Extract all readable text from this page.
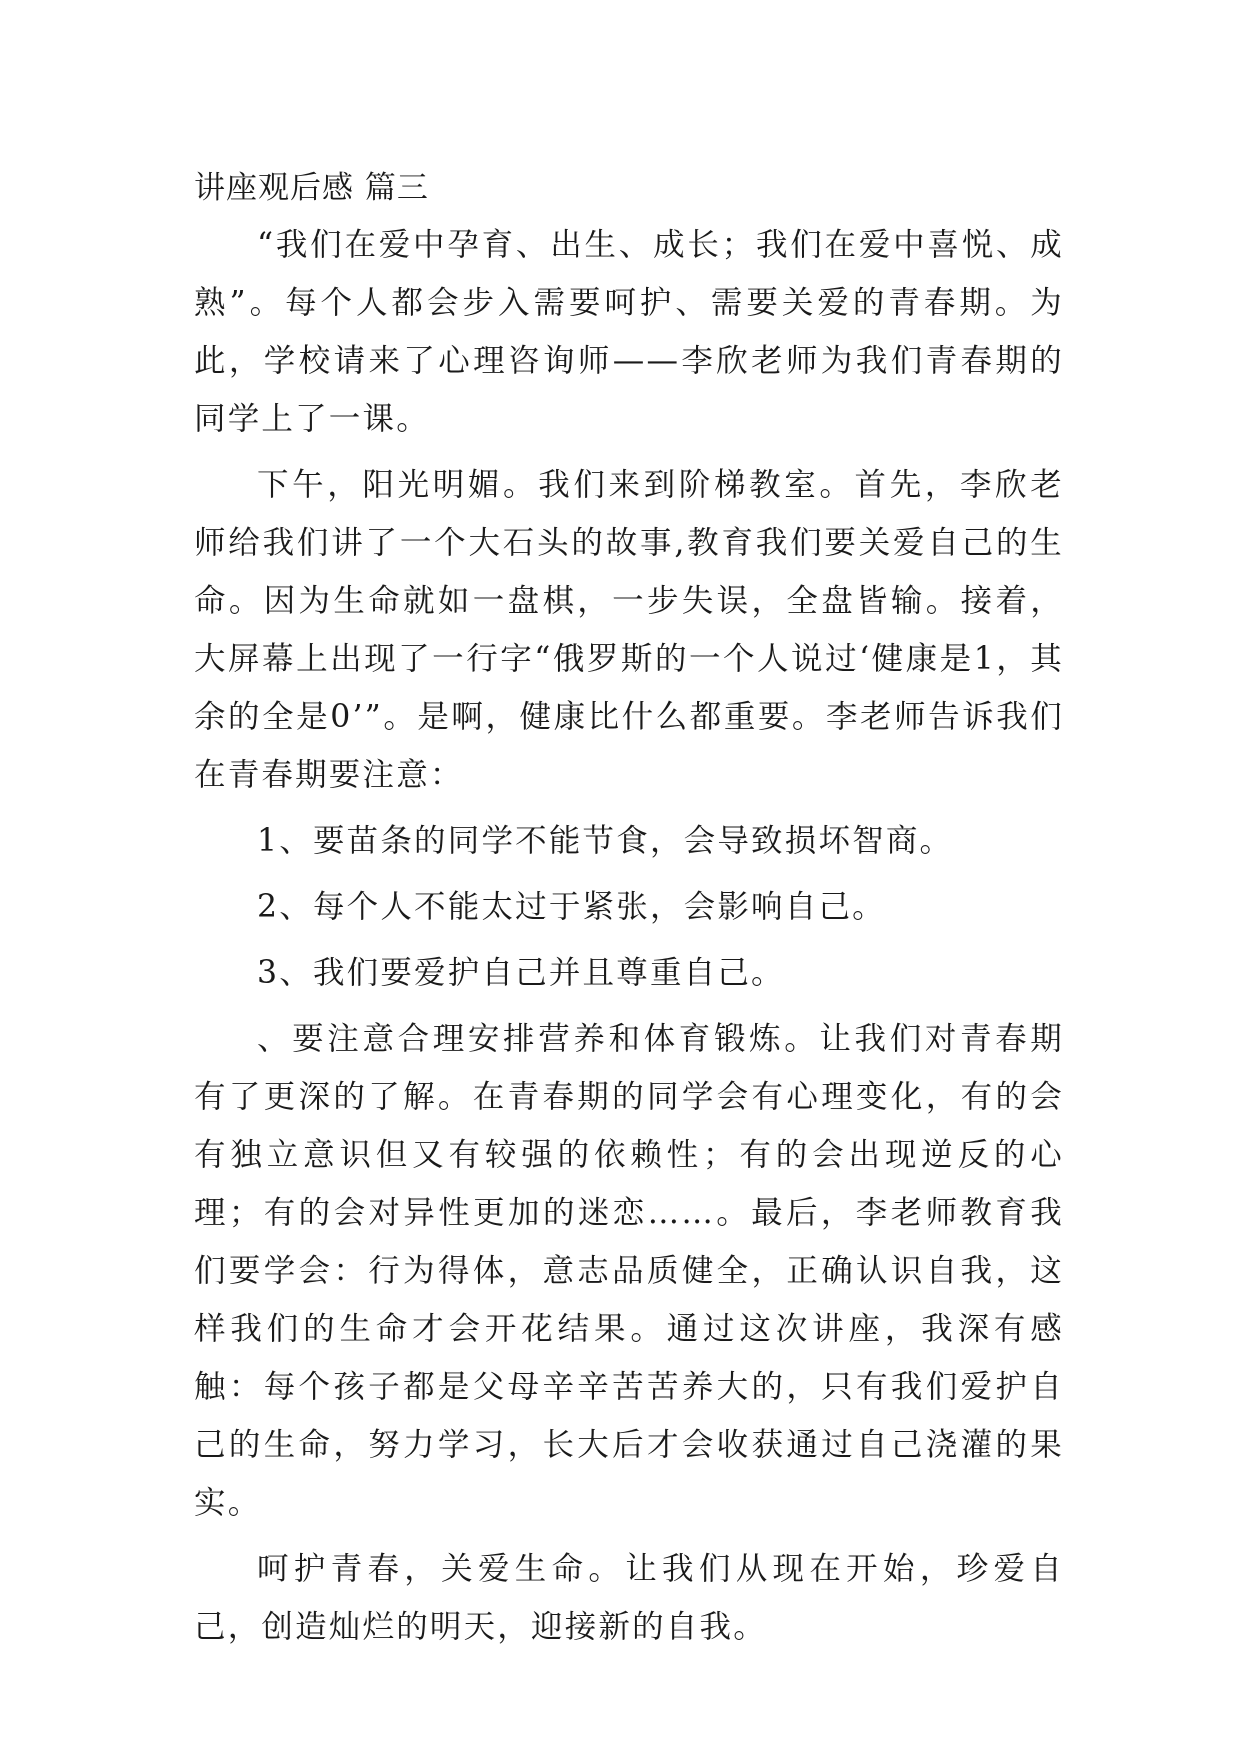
讲座观后感 篇三

“我们在爱中孕育、出生、成长；我们在爱中喜悦、成熟”。每个人都会步入需要呵护、需要关爱的青春期。为此，学校请来了心理咨询师——李欣老师为我们青春期的同学上了一课。

下午，阳光明媚。我们来到阶梯教室。首先，李欣老师给我们讲了一个大石头的故事,教育我们要关爱自己的生命。因为生命就如一盘棋，一步失误，全盘皆输。接着，大屏幕上出现了一行字“俄罗斯的一个人说过‘健康是1，其余的全是0’”。是啊，健康比什么都重要。李老师告诉我们在青春期要注意：

1、要苗条的同学不能节食，会导致损坏智商。

2、每个人不能太过于紧张，会影响自己。

3、我们要爱护自己并且尊重自己。

、要注意合理安排营养和体育锻炼。让我们对青春期有了更深的了解。在青春期的同学会有心理变化，有的会有独立意识但又有较强的依赖性；有的会出现逆反的心理；有的会对异性更加的迷恋……。最后，李老师教育我们要学会：行为得体，意志品质健全，正确认识自我，这样我们的生命才会开花结果。通过这次讲座，我深有感触：每个孩子都是父母辛辛苦苦养大的，只有我们爱护自己的生命，努力学习，长大后才会收获通过自己浇灌的果实。

呵护青春，关爱生命。让我们从现在开始，珍爱自己，创造灿烂的明天，迎接新的自我。
